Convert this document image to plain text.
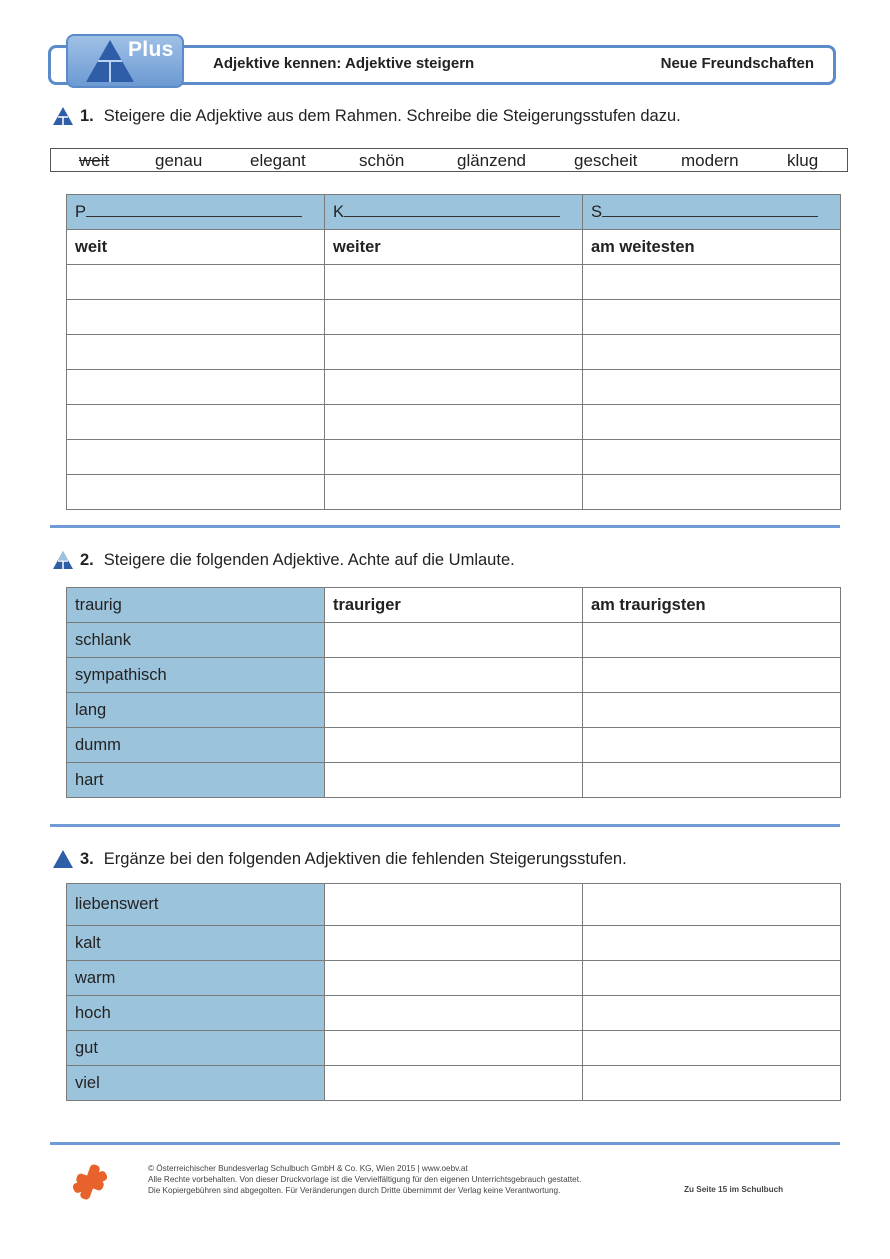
Plus
Adjektive kennen: Adjektive steigern	Neue Freundschaften
1. Steigere die Adjektive aus dem Rahmen. Schreibe die Steigerungsstufen dazu.
weit	genau	elegant	schön	glänzend	gescheit	modern	klug
P	K	S
weit	weiter	am weitesten

2. Steigere die folgenden Adjektive. Achte auf die Umlaute.
traurig	trauriger	am traurigsten
schlank		
sympathisch		
lang		
dumm		
hart		
3. Ergänze bei den folgenden Adjektiven die fehlenden Steigerungsstufen.
liebenswert		
kalt		
warm		
hoch		
gut		
viel		
© Österreichischer Bundesverlag Schulbuch GmbH & Co. KG, Wien 2015 | www.oebv.at
Alle Rechte vorbehalten. Von dieser Druckvorlage ist die Vervielfältigung für den eigenen Unterrichtsgebrauch gestattet.
Die Kopiergebühren sind abgegolten. Für Veränderungen durch Dritte übernimmt der Verlag keine Verantwortung.	Zu Seite 15 im Schulbuch
